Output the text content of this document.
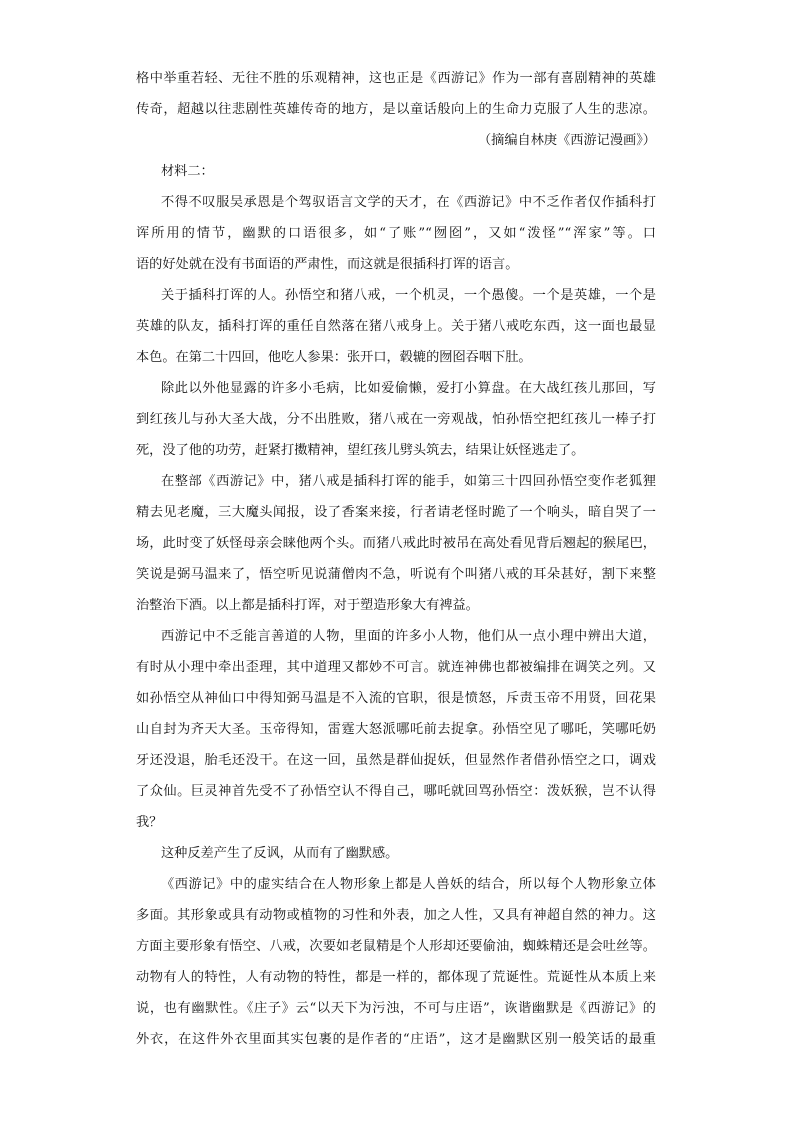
格中举重若轻、无往不胜的乐观精神，这也正是《西游记》作为一部有喜剧精神的英雄
传奇，超越以往悲剧性英雄传奇的地方，是以童话般向上的生命力克服了人生的悲凉。
（摘编自林庚《西游记漫画》）
材料二：
不得不叹服吴承恩是个驾驭语言文学的天才，在《西游记》中不乏作者仅作插科打
诨所用的情节，幽默的口语很多，如“了账”“囫囵”，又如“泼怪”“浑家”等。口
语的好处就在没有书面语的严肃性，而这就是很插科打诨的语言。
关于插科打诨的人。孙悟空和猪八戒，一个机灵，一个愚傻。一个是英雄，一个是
英雄的队友，插科打诨的重任自然落在猪八戒身上。关于猪八戒吃东西，这一面也最显
本色。在第二十四回，他吃人参果：张开口，毂辘的囫囵吞咽下肚。
除此以外他显露的许多小毛病，比如爱偷懒，爱打小算盘。在大战红孩儿那回，写
到红孩儿与孙大圣大战，分不出胜败，猪八戒在一旁观战，怕孙悟空把红孩儿一棒子打
死，没了他的功劳，赶紧打擞精神，望红孩儿劈头筑去，结果让妖怪逃走了。
在整部《西游记》中，猪八戒是插科打诨的能手，如第三十四回孙悟空变作老狐狸
精去见老魔，三大魔头闻报，设了香案来接，行者请老怪时跪了一个响头，暗自哭了一
场，此时变了妖怪母亲会睐他两个头。而猪八戒此时被吊在高处看见背后翘起的猴尾巴，
笑说是弼马温来了，悟空听见说蒲僧肉不急，听说有个叫猪八戒的耳朵甚好，割下来整
治整治下酒。以上都是插科打诨，对于塑造形象大有裨益。
西游记中不乏能言善道的人物，里面的许多小人物，他们从一点小理中辨出大道，
有时从小理中牵出歪理，其中道理又都妙不可言。就连神佛也都被编排在调笑之列。又
如孙悟空从神仙口中得知弼马温是不入流的官职，很是愤怒，斥责玉帝不用贤，回花果
山自封为齐天大圣。玉帝得知，雷霆大怒派哪吒前去捉拿。孙悟空见了哪吒，笑哪吒奶
牙还没退，胎毛还没干。在这一回，虽然是群仙捉妖，但显然作者借孙悟空之口，调戏
了众仙。巨灵神首先受不了孙悟空认不得自己，哪吒就回骂孙悟空：泼妖猴，岂不认得
我？
这种反差产生了反讽，从而有了幽默感。
《西游记》中的虚实结合在人物形象上都是人兽妖的结合，所以每个人物形象立体
多面。其形象或具有动物或植物的习性和外表，加之人性，又具有神超自然的神力。这
方面主要形象有悟空、八戒，次要如老鼠精是个人形却还要偷油，蜘蛛精还是会吐丝等。
动物有人的特性，人有动物的特性，都是一样的，都体现了荒诞性。荒诞性从本质上来
说，也有幽默性。《庄子》云“以天下为污浊，不可与庄语”，诙谐幽默是《西游记》的
外衣，在这件外衣里面其实包裹的是作者的“庄语”，这才是幽默区别一般笑话的最重
